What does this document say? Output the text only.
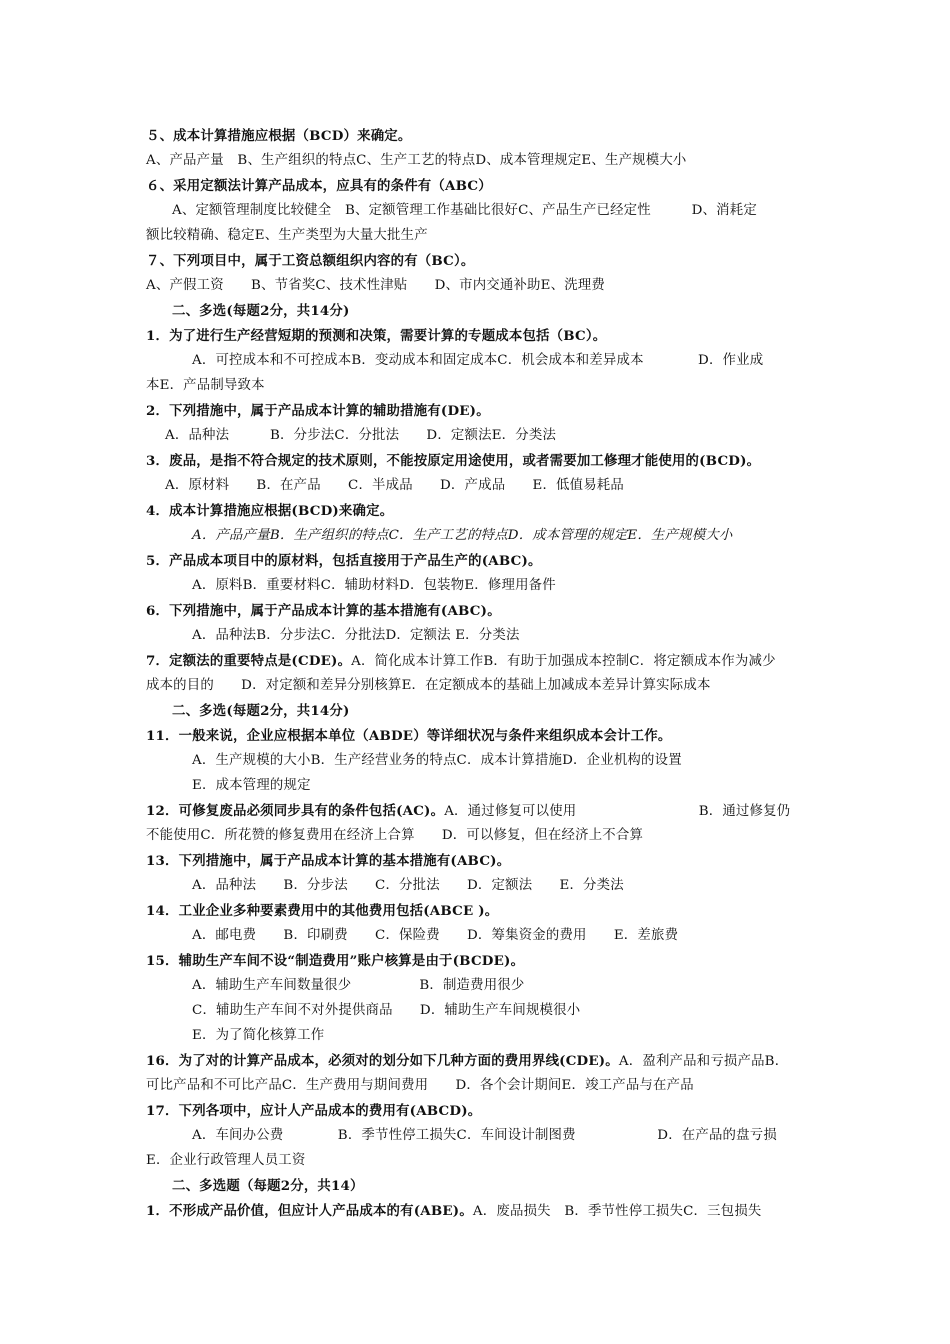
５、成本计算措施应根据（BCD）来确定。
A、产品产量　B、生产组织的特点C、生产工艺的特点D、成本管理规定E、生产规模大小
６、采用定额法计算产品成本，应具有的条件有（ABC）
A、定额管理制度比较健全　B、定额管理工作基础比很好C、产品生产已经定性　　　D、消耗定
额比较精确、稳定E、生产类型为大量大批生产
７、下列项目中，属于工资总额组织内容的有（BC）。
A、产假工资　　B、节省奖C、技术性津贴　　D、市内交通补助E、洗理费
二、多选(每题2分，共14分)
1．为了进行生产经营短期的预测和决策，需要计算的专题成本包括（BC）。
A．可控成本和不可控成本B．变动成本和固定成本C．机会成本和差异成本　　　　D．作业成
本E．产品制导致本
2．下列措施中，属于产品成本计算的辅助措施有(DE)。
A．品种法　　　B．分步法C．分批法　　D．定额法E．分类法
3．废品，是指不符合规定的技术原则，不能按原定用途使用，或者需要加工修理才能使用的(BCD)。
A．原材料　　B．在产品　　C．半成品　　D．产成品　　E．低值易耗品
4．成本计算措施应根据(BCD)来确定。
A．产品产量B．生产组织的特点C．生产工艺的特点D．成本管理的规定E．生产规模大小
5．产品成本项目中的原材料，包括直接用于产品生产的(ABC)。
A．原料B．重要材料C．辅助材料D．包装物E．修理用备件
6．下列措施中，属于产品成本计算的基本措施有(ABC)。
A．品种法B．分步法C．分批法D．定额法 E．分类法
7．定额法的重要特点是(CDE)。A．简化成本计算工作B．有助于加强成本控制C．将定额成本作为减少
成本的目的　　D．对定额和差异分别核算E．在定额成本的基础上加减成本差异计算实际成本
二、多选(每题2分，共14分)
11．一般来说，企业应根据本单位（ABDE）等详细状况与条件来组织成本会计工作。
A．生产规模的大小B．生产经营业务的特点C．成本计算措施D．企业机构的设置
E．成本管理的规定
12．可修复废品必须同步具有的条件包括(AC)。A．通过修复可以使用　　　　　　　　　B．通过修复仍
不能使用C．所花赞的修复费用在经济上合算　　D．可以修复，但在经济上不合算
13．下列措施中，属于产品成本计算的基本措施有(ABC)。
A．品种法　　B．分步法　　C．分批法　　D．定额法　　E．分类法
14．工业企业多种要素费用中的其他费用包括(ABCE )。
A．邮电费　　B．印刷费　　C．保险费　　D．筹集资金的费用　　E．差旅费
15．辅助生产车间不设“制造费用”账户核算是由于(BCDE)。
A．辅助生产车间数量很少　　　　　B．制造费用很少
C．辅助生产车间不对外提供商品　　D．辅助生产车间规模很小
E．为了简化核算工作
16．为了对的计算产品成本，必须对的划分如下几种方面的费用界线(CDE)。A．盈利产品和亏损产品B．
可比产品和不可比产品C．生产费用与期间费用　　D．各个会计期间E．竣工产品与在产品
17．下列各项中，应计人产品成本的费用有(ABCD)。
A．车间办公费　　　　B．季节性停工损失C．车间设计制图费　　　　　　D．在产品的盘亏损
E．企业行政管理人员工资
二、多选题（每题2分，共14）
1．不形成产品价值，但应计人产品成本的有(ABE)。A．废品损失　B．季节性停工损失C．三包损失
